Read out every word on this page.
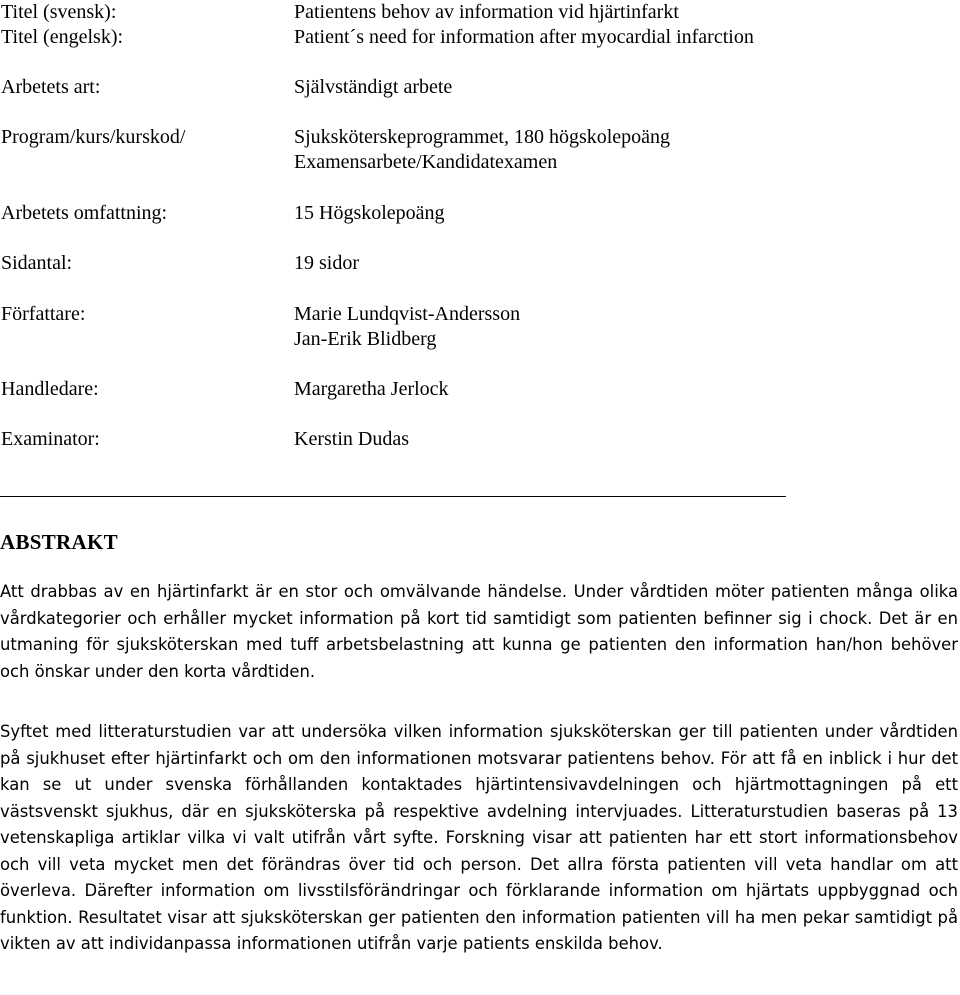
Titel (svensk):	Patientens behov av information vid hjärtinfarkt
Titel (engelsk):	Patient´s need for information after myocardial infarction
Arbetets art:	Självständigt arbete
Program/kurs/kurskod/	Sjuksköterskeprogrammet, 180 högskolepoäng
Examensarbete/Kandidatexamen
Arbetets omfattning:	15 Högskolepoäng
Sidantal:	19 sidor
Författare:	Marie Lundqvist-Andersson
Jan-Erik Blidberg
Handledare:	Margaretha Jerlock
Examinator:	Kerstin Dudas
ABSTRAKT

Att drabbas av en hjärtinfarkt är en stor och omvälvande händelse. Under vårdtiden möter patienten många olika vårdkategorier och erhåller mycket information på kort tid samtidigt som patienten befinner sig i chock. Det är en utmaning för sjuksköterskan med tuff arbetsbelastning att kunna ge patienten den information han/hon behöver och önskar under den korta vårdtiden.

Syftet med litteraturstudien var att undersöka vilken information sjuksköterskan ger till patienten under vårdtiden på sjukhuset efter hjärtinfarkt och om den informationen motsvarar patientens behov. För att få en inblick i hur det kan se ut under svenska förhållanden kontaktades hjärtintensivavdelningen och hjärtmottagningen på ett västsvenskt sjukhus, där en sjuksköterska på respektive avdelning intervjuades. Litteraturstudien baseras på 13 vetenskapliga artiklar vilka vi valt utifrån vårt syfte. Forskning visar att patienten har ett stort informationsbehov och vill veta mycket men det förändras över tid och person. Det allra första patienten vill veta handlar om att överleva. Därefter information om livsstilsförändringar och förklarande information om hjärtats uppbyggnad och funktion. Resultatet visar att sjuksköterskan ger patienten den information patienten vill ha men pekar samtidigt på vikten av att individanpassa informationen utifrån varje patients enskilda behov.
